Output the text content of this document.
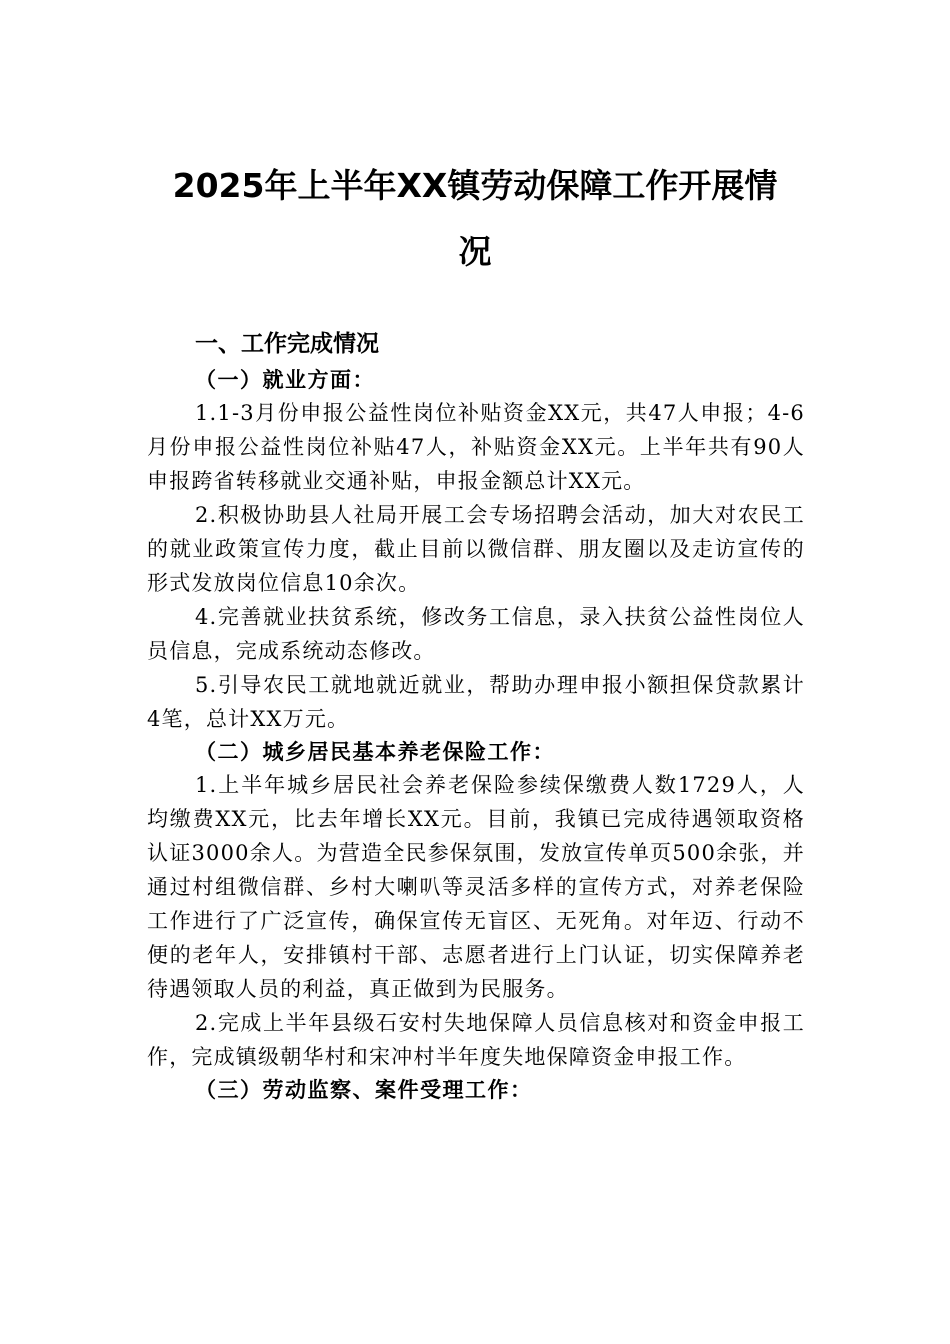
2025年上半年XX镇劳动保障工作开展情
况
一、工作完成情况
（一）就业方面：

1.1-3月份申报公益性岗位补贴资金XX元，共47人申报；4-6月份申报公益性岗位补贴47人，补贴资金XX元。上半年共有90人申报跨省转移就业交通补贴，申报金额总计XX元。

2.积极协助县人社局开展工会专场招聘会活动，加大对农民工的就业政策宣传力度，截止目前以微信群、朋友圈以及走访宣传的形式发放岗位信息10余次。

4.完善就业扶贫系统，修改务工信息，录入扶贫公益性岗位人员信息，完成系统动态修改。

5.引导农民工就地就近就业，帮助办理申报小额担保贷款累计4笔，总计XX万元。

（二）城乡居民基本养老保险工作：

1.上半年城乡居民社会养老保险参续保缴费人数1729人，人均缴费XX元，比去年增长XX元。目前，我镇已完成待遇领取资格认证3000余人。为营造全民参保氛围，发放宣传单页500余张，并通过村组微信群、乡村大喇叭等灵活多样的宣传方式，对养老保险工作进行了广泛宣传，确保宣传无盲区、无死角。对年迈、行动不便的老年人，安排镇村干部、志愿者进行上门认证，切实保障养老待遇领取人员的利益，真正做到为民服务。

2.完成上半年县级石安村失地保障人员信息核对和资金申报工作，完成镇级朝华村和宋冲村半年度失地保障资金申报工作。

（三）劳动监察、案件受理工作：
